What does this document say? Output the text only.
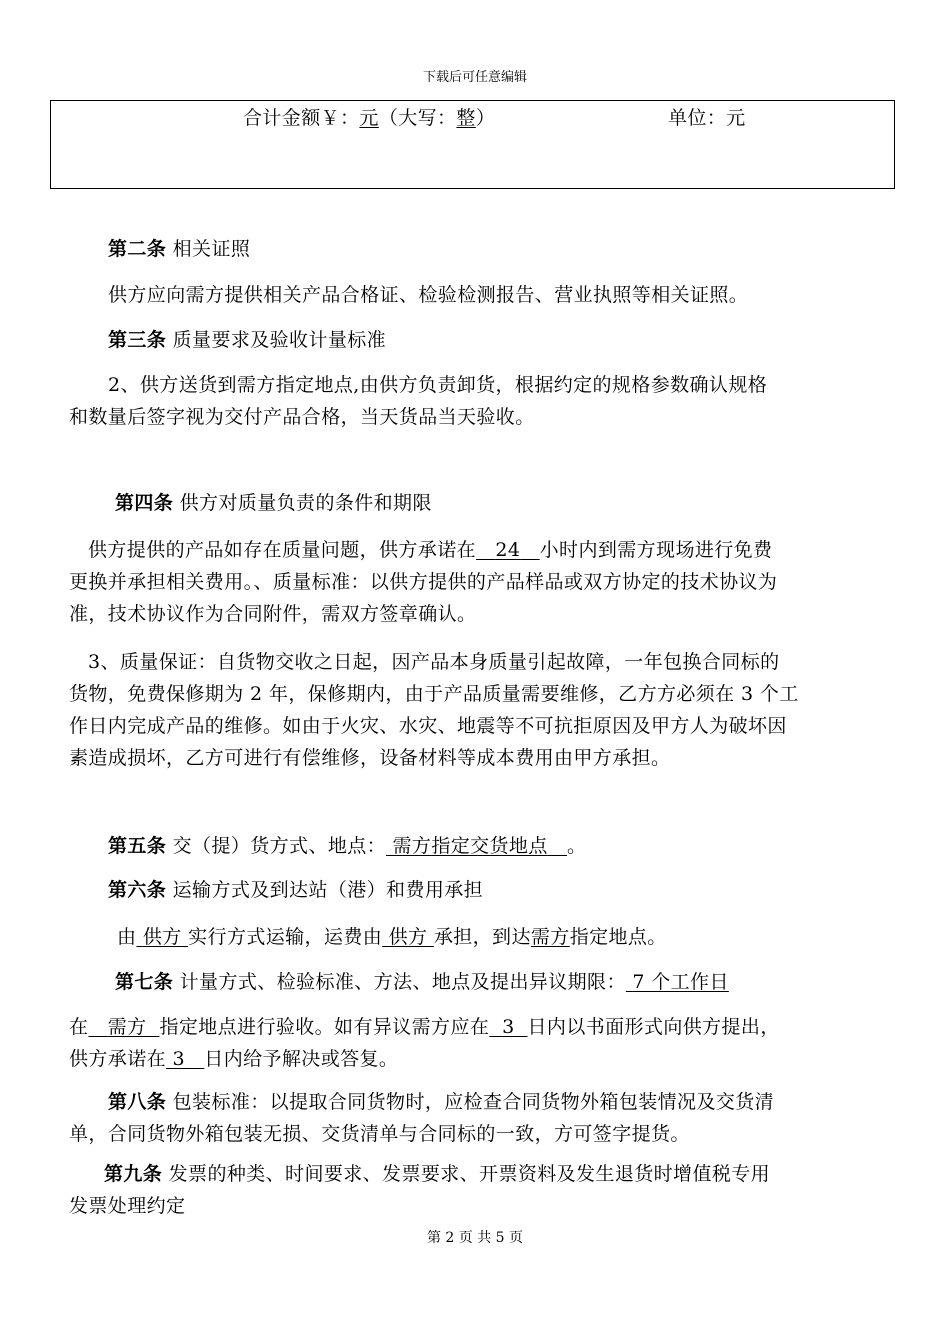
下载后可任意编辑
合计金额￥：元（大写：整）	单位：元
第二条 相关证照
供方应向需方提供相关产品合格证、检验检测报告、营业执照等相关证照。
第三条 质量要求及验收计量标准
2、供方送货到需方指定地点,由供方负责卸货，根据约定的规格参数确认规格
和数量后签字视为交付产品合格，当天货品当天验收。
第四条 供方对质量负责的条件和期限
供方提供的产品如存在质量问题，供方承诺在 24 小时内到需方现场进行免费
更换并承担相关费用。、质量标准：以供方提供的产品样品或双方协定的技术协议为
准，技术协议作为合同附件，需双方签章确认。
3、质量保证：自货物交收之日起，因产品本身质量引起故障，一年包换合同标的
货物，免费保修期为 2 年，保修期内，由于产品质量需要维修，乙方方必须在 3 个工
作日内完成产品的维修。如由于火灾、水灾、地震等不可抗拒原因及甲方人为破坏因
素造成损坏，乙方可进行有偿维修，设备材料等成本费用由甲方承担。
第五条 交（提）货方式、地点： 需方指定交货地点 。
第六条 运输方式及到达站（港）和费用承担
由 供方 实行方式运输，运费由 供方 承担，到达需方指定地点。
第七条 计量方式、检验标准、方法、地点及提出异议期限： 7 个工作日
在 需方 指定地点进行验收。如有异议需方应在 3 日内以书面形式向供方提出，
供方承诺在 3 日内给予解决或答复。
第八条 包装标准：以提取合同货物时，应检查合同货物外箱包装情况及交货清
单，合同货物外箱包装无损、交货清单与合同标的一致，方可签字提货。
第九条 发票的种类、时间要求、发票要求、开票资料及发生退货时增值税专用
发票处理约定
第 2 页 共 5 页
